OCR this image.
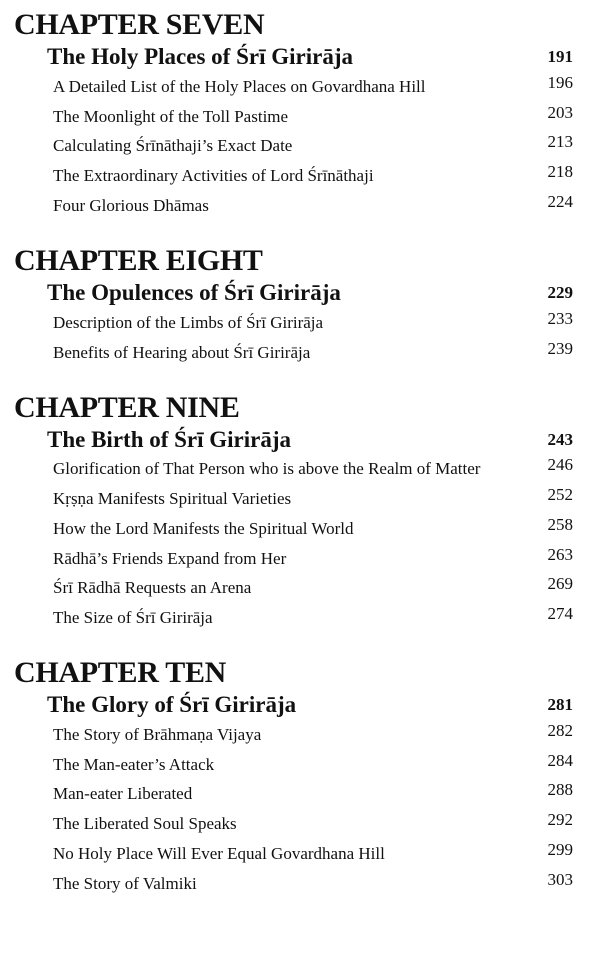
CHAPTER SEVEN
The Holy Places of Śrī Girirāja	191
A Detailed List of the Holy Places on Govardhana Hill	196
The Moonlight of the Toll Pastime	203
Calculating Śrīnāthaji’s Exact Date	213
The Extraordinary Activities of Lord Śrīnāthaji	218
Four Glorious Dhāmas	224
CHAPTER EIGHT
The Opulences of Śrī Girirāja	229
Description of the Limbs of Śrī Girirāja	233
Benefits of Hearing about Śrī Girirāja	239
CHAPTER NINE
The Birth of Śrī Girirāja	243
Glorification of That Person who is above the Realm of Matter	246
Kṛṣṇa Manifests Spiritual Varieties	252
How the Lord Manifests the Spiritual World	258
Rādhā’s Friends Expand from Her	263
Śrī Rādhā Requests an Arena	269
The Size of Śrī Girirāja	274
CHAPTER TEN
The Glory of Śrī Girirāja	281
The Story of Brāhmaṇa Vijaya	282
The Man-eater’s Attack	284
Man-eater Liberated	288
The Liberated Soul Speaks	292
No Holy Place Will Ever Equal Govardhana Hill	299
The Story of Valmiki	303
